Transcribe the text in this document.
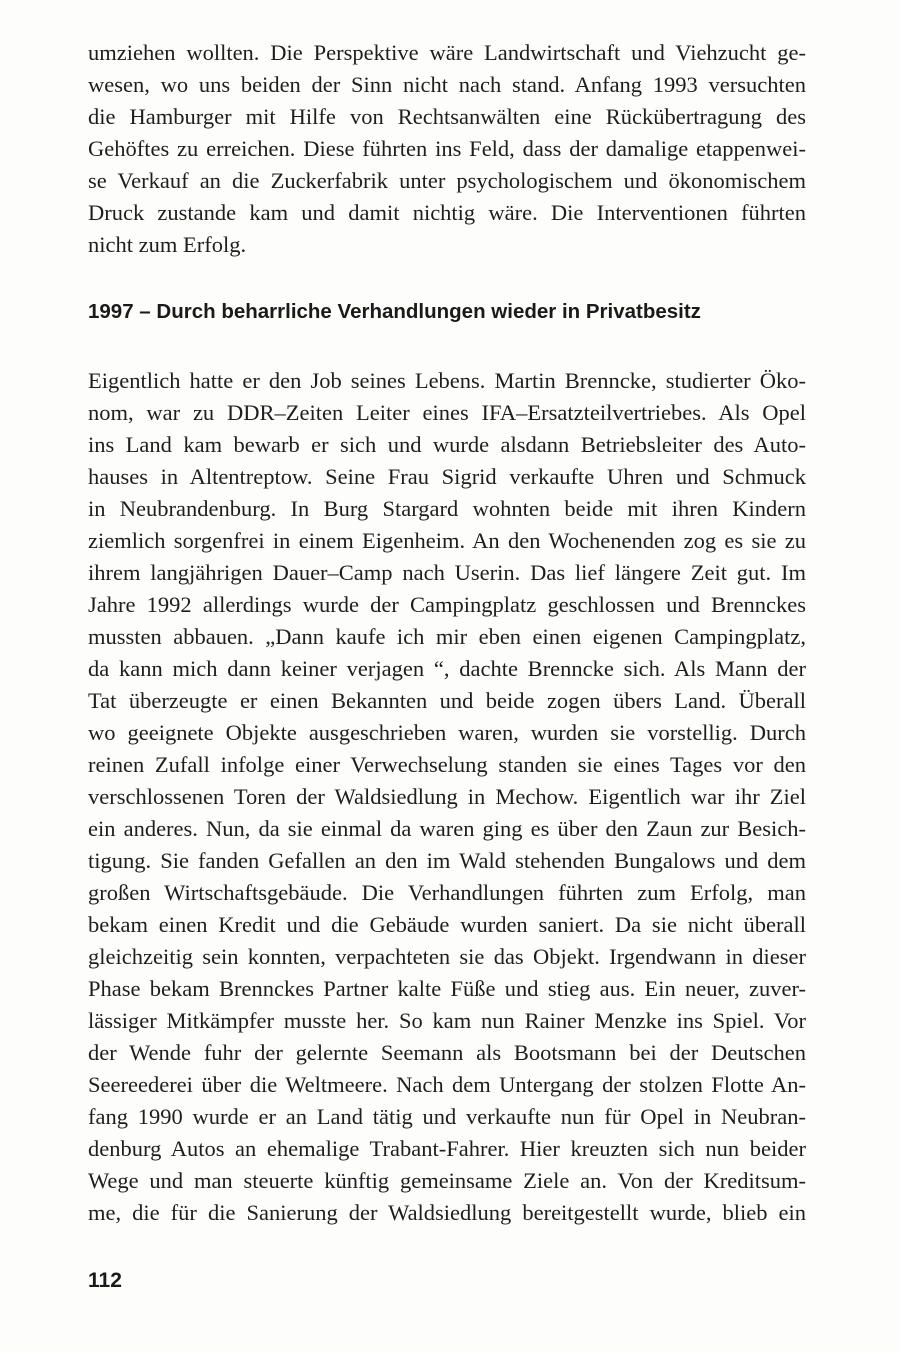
umziehen wollten. Die Perspektive wäre Landwirtschaft und Viehzucht ge-
wesen, wo uns beiden der Sinn nicht nach stand. Anfang 1993 versuchten
die Hamburger mit Hilfe von Rechtsanwälten eine Rückübertragung des
Gehöftes zu erreichen. Diese führten ins Feld, dass der damalige etappenwei-
se Verkauf an die Zuckerfabrik unter psychologischem und ökonomischem
Druck zustande kam und damit nichtig wäre. Die Interventionen führten
nicht zum Erfolg.
1997 – Durch beharrliche Verhandlungen wieder in Privatbesitz
Eigentlich hatte er den Job seines Lebens. Martin Brenncke, studierter Öko-
nom, war zu DDR–Zeiten Leiter eines IFA–Ersatzteilvertriebes. Als Opel
ins Land kam bewarb er sich und wurde alsdann Betriebsleiter des Auto-
hauses in Altentreptow. Seine Frau Sigrid verkaufte Uhren und Schmuck
in Neubrandenburg. In Burg Stargard wohnten beide mit ihren Kindern
ziemlich sorgenfrei in einem Eigenheim. An den Wochenenden zog es sie zu
ihrem langjährigen Dauer–Camp nach Userin. Das lief längere Zeit gut. Im
Jahre 1992 allerdings wurde der Campingplatz geschlossen und Brennckes
mussten abbauen. „Dann kaufe ich mir eben einen eigenen Campingplatz,
da kann mich dann keiner verjagen “, dachte Brenncke sich. Als Mann der
Tat überzeugte er einen Bekannten und beide zogen übers Land. Überall
wo geeignete Objekte ausgeschrieben waren, wurden sie vorstellig. Durch
reinen Zufall infolge einer Verwechselung standen sie eines Tages vor den
verschlossenen Toren der Waldsiedlung in Mechow. Eigentlich war ihr Ziel
ein anderes. Nun, da sie einmal da waren ging es über den Zaun zur Besich-
tigung. Sie fanden Gefallen an den im Wald stehenden Bungalows und dem
großen Wirtschaftsgebäude. Die Verhandlungen führten zum Erfolg, man
bekam einen Kredit und die Gebäude wurden saniert. Da sie nicht überall
gleichzeitig sein konnten, verpachteten sie das Objekt. Irgendwann in dieser
Phase bekam Brennckes Partner kalte Füße und stieg aus. Ein neuer, zuver-
lässiger Mitkämpfer musste her. So kam nun Rainer Menzke ins Spiel. Vor
der Wende fuhr der gelernte Seemann als Bootsmann bei der Deutschen
Seereederei über die Weltmeere. Nach dem Untergang der stolzen Flotte An-
fang 1990 wurde er an Land tätig und verkaufte nun für Opel in Neubran-
denburg Autos an ehemalige Trabant-Fahrer. Hier kreuzten sich nun beider
Wege und man steuerte künftig gemeinsame Ziele an. Von der Kreditsum-
me, die für die Sanierung der Waldsiedlung bereitgestellt wurde, blieb ein
112
